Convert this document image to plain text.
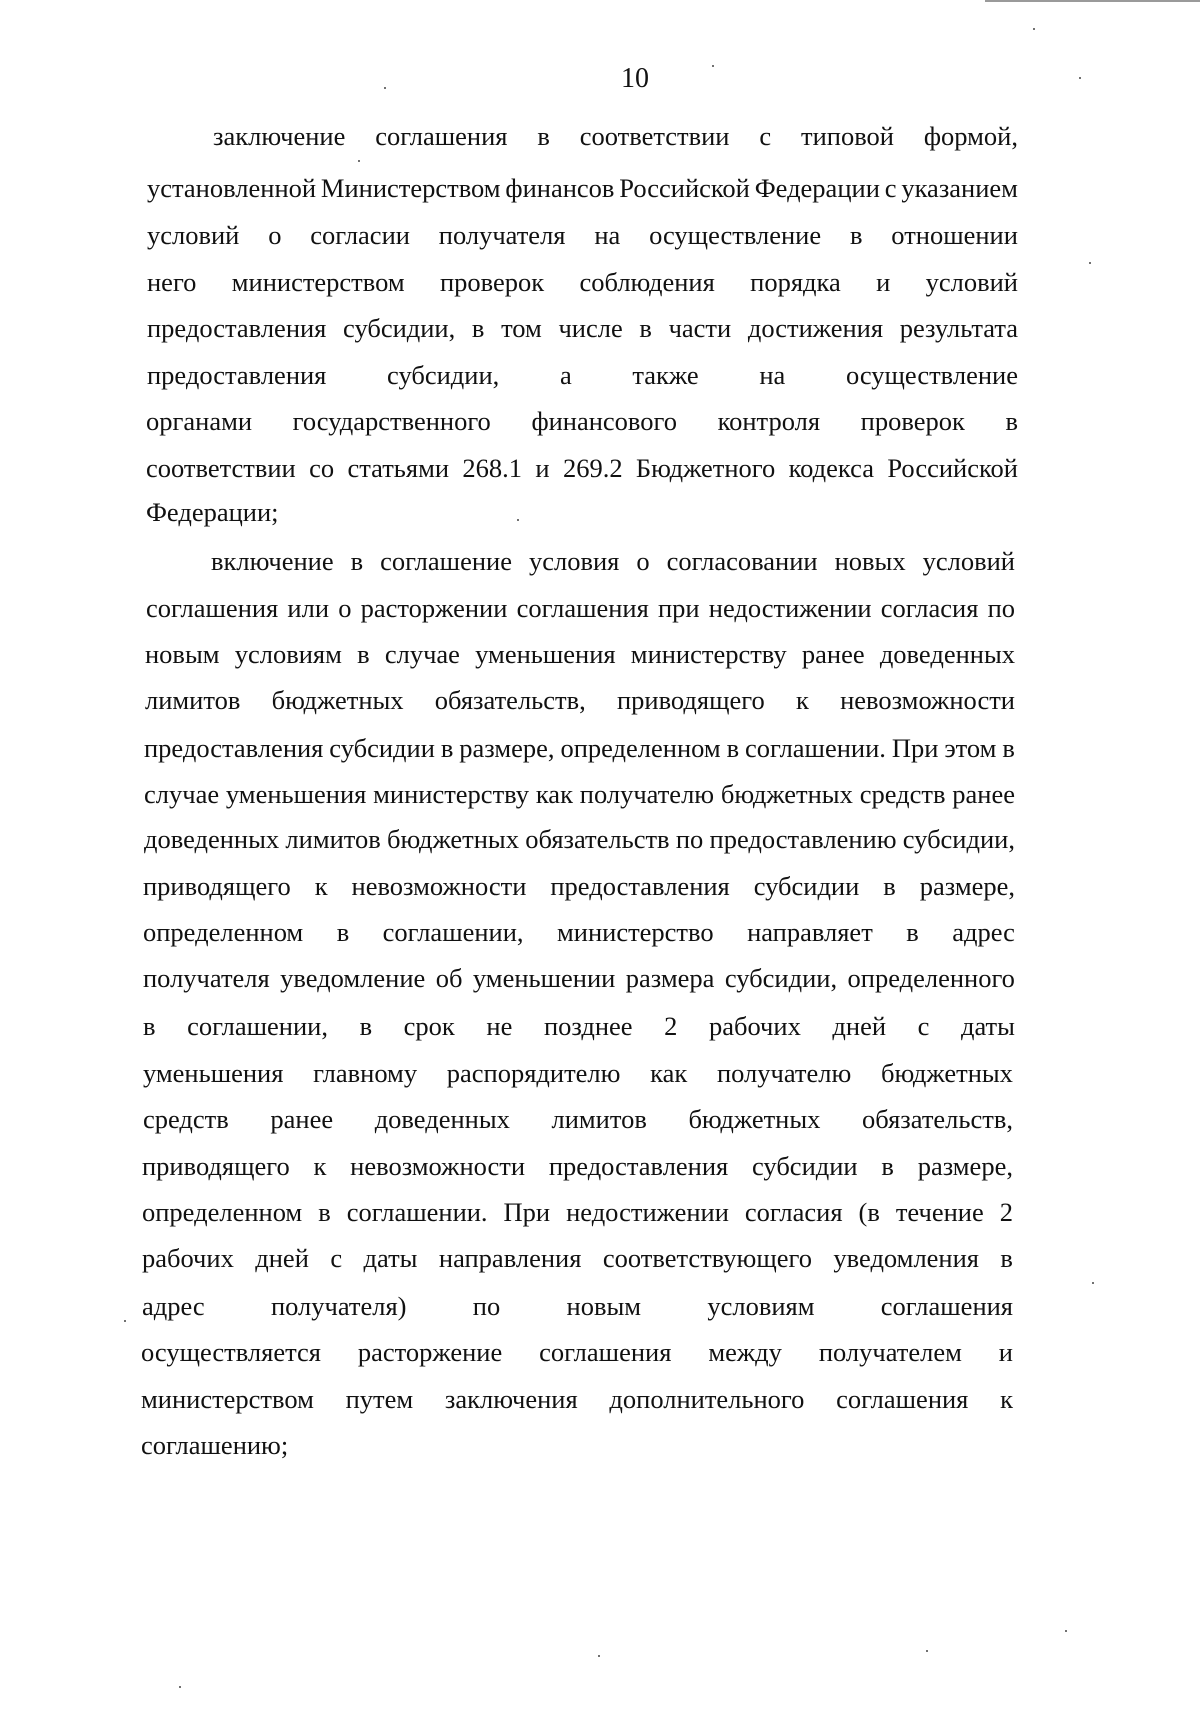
10
заключение соглашения в соответствии с типовой формой,
установленной Министерством финансов Российской Федерации с указанием
условий о согласии получателя на осуществление в отношении
него министерством проверок соблюдения порядка и условий
предоставления субсидии, в том числе в части достижения результата
предоставления субсидии, а также на осуществление
органами государственного финансового контроля проверок в
соответствии со статьями 268.1 и 269.2 Бюджетного кодекса Российской
Федерации;
включение в соглашение условия о согласовании новых условий
соглашения или о расторжении соглашения при недостижении согласия по
новым условиям в случае уменьшения министерству ранее доведенных
лимитов бюджетных обязательств, приводящего к невозможности
предоставления субсидии в размере, определенном в соглашении. При этом в
случае уменьшения министерству как получателю бюджетных средств ранее
доведенных лимитов бюджетных обязательств по предоставлению субсидии,
приводящего к невозможности предоставления субсидии в размере,
определенном в соглашении, министерство направляет в адрес
получателя уведомление об уменьшении размера субсидии, определенного
в соглашении, в срок не позднее 2 рабочих дней с даты
уменьшения главному распорядителю как получателю бюджетных
средств ранее доведенных лимитов бюджетных обязательств,
приводящего к невозможности предоставления субсидии в размере,
определенном в соглашении. При недостижении согласия (в течение 2
рабочих дней с даты направления соответствующего уведомления в
адрес	получателя)	по	новым	условиям	соглашения
осуществляется расторжение соглашения между получателем и
министерством путем заключения дополнительного соглашения к
соглашению;
